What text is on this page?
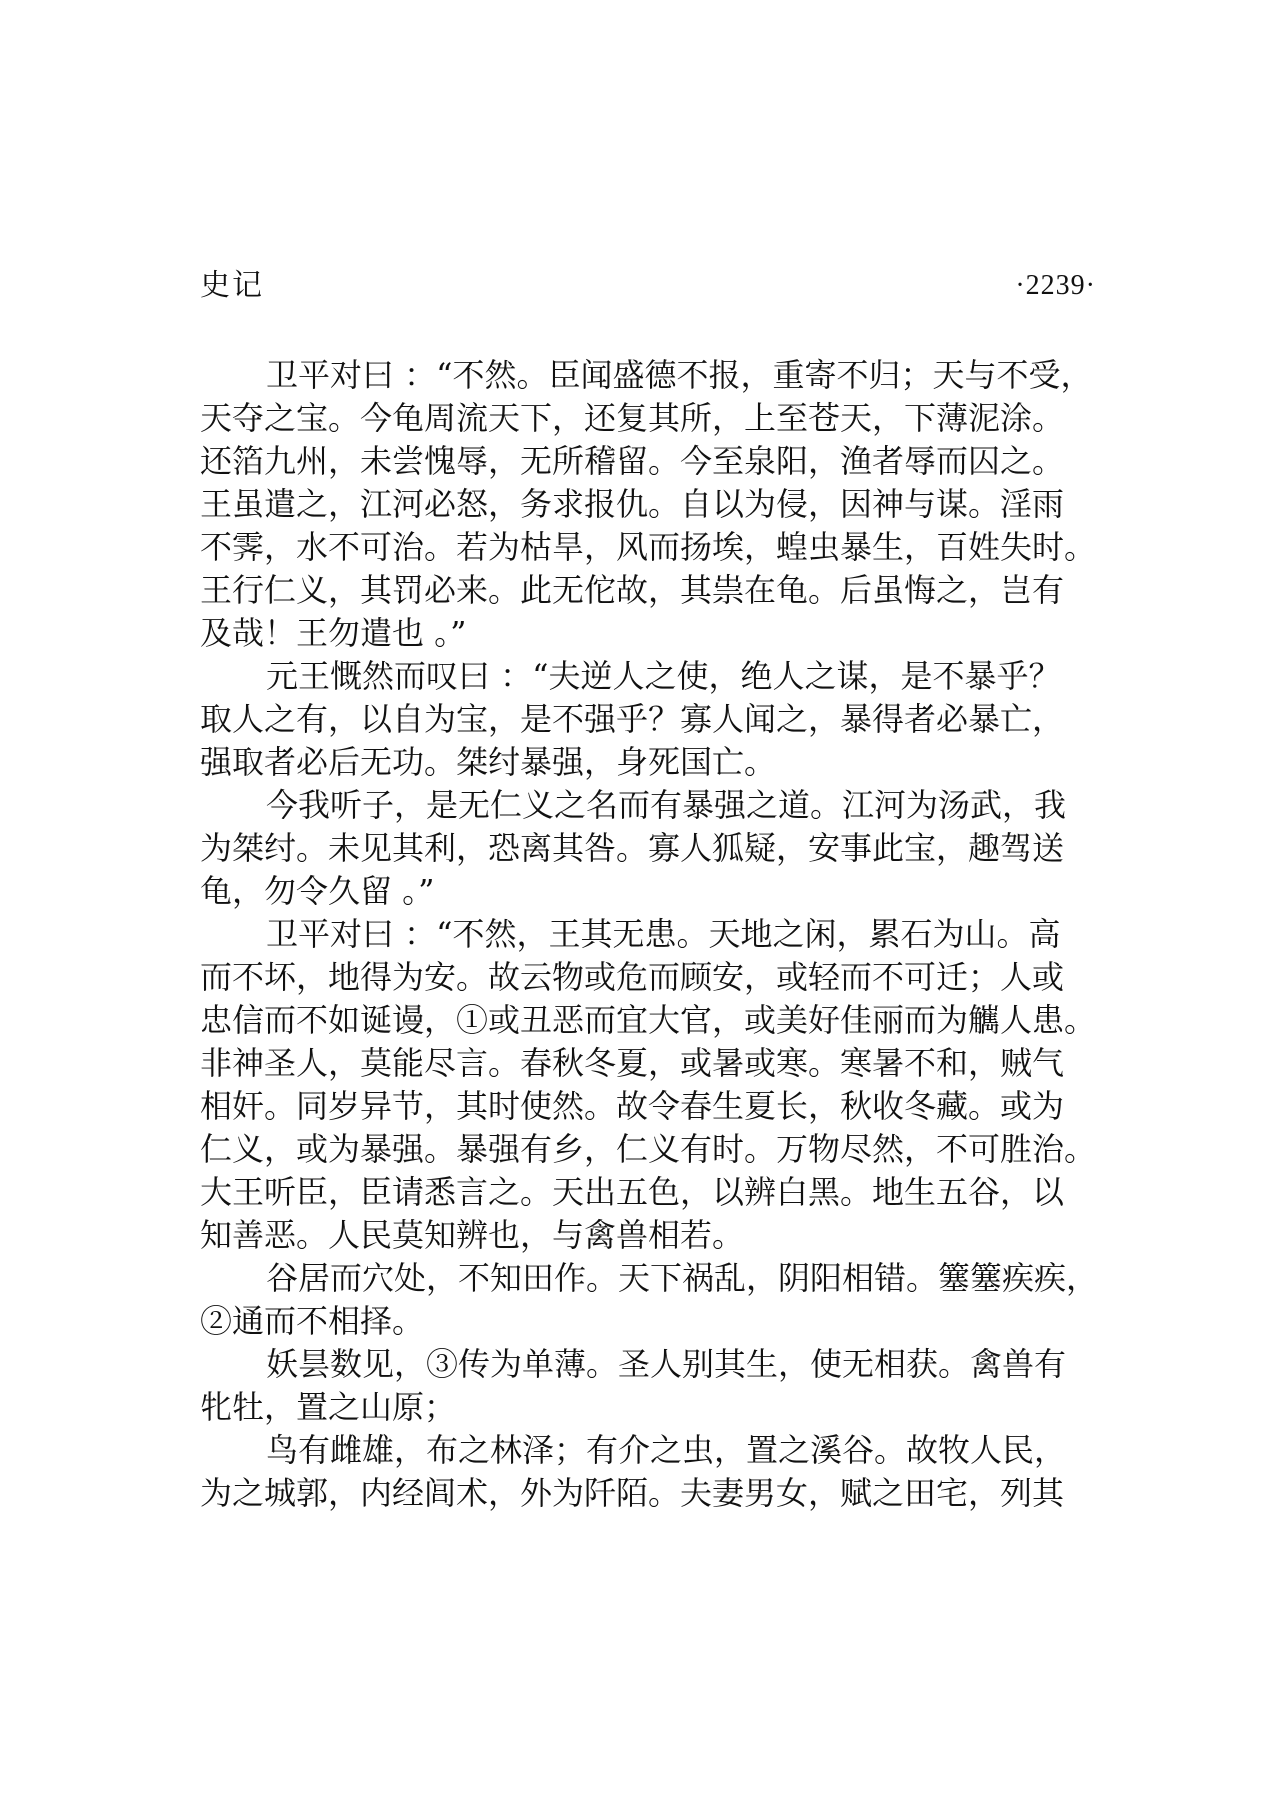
史记	·2239·

卫平对曰 ：“不然。臣闻盛德不报，重寄不归；天与不受，
天夺之宝。今龟周流天下，还复其所，上至苍天，下薄泥涂。
还箔九州，未尝愧辱，无所稽留。今至泉阳，渔者辱而囚之。
王虽遣之，江河必怒，务求报仇。自以为侵，因神与谋。淫雨
不霁，水不可治。若为枯旱，风而扬埃，蝗虫暴生，百姓失时。
王行仁义，其罚必来。此无佗故，其祟在龟。后虽悔之，岂有
及哉！王勿遣也 。”

元王慨然而叹曰 ：“夫逆人之使，绝人之谋，是不暴乎？
取人之有，以自为宝，是不强乎？寡人闻之，暴得者必暴亡，
强取者必后无功。桀纣暴强，身死国亡。

今我听子，是无仁义之名而有暴强之道。江河为汤武，我
为桀纣。未见其利，恐离其咎。寡人狐疑，安事此宝，趣驾送
龟，勿令久留 。”

卫平对曰 ：“不然，王其无患。天地之闲，累石为山。高
而不坏，地得为安。故云物或危而顾安，或轻而不可迁；人或
忠信而不如诞谩，①或丑恶而宜大官，或美好佳丽而为觽人患。
非神圣人，莫能尽言。春秋冬夏，或暑或寒。寒暑不和，贼气
相奸。同岁异节，其时使然。故令春生夏长，秋收冬藏。或为
仁义，或为暴强。暴强有乡，仁义有时。万物尽然，不可胜治。
大王听臣，臣请悉言之。天出五色，以辨白黑。地生五谷，以
知善恶。人民莫知辨也，与禽兽相若。

谷居而穴处，不知田作。天下祸乱，阴阳相错。簺簺疾疾，
②通而不相择。

妖昙数见，③传为单薄。圣人别其生，使无相获。禽兽有
牝牡，置之山原；

鸟有雌雄，布之林泽；有介之虫，置之溪谷。故牧人民，
为之城郭，内经闾术，外为阡陌。夫妻男女，赋之田宅，列其
